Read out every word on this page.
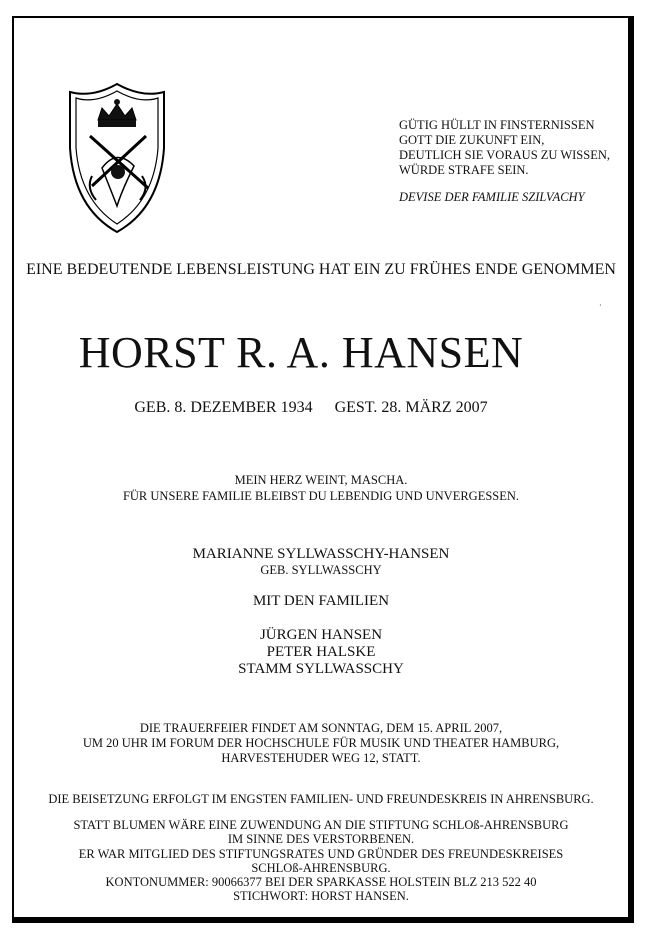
GÜTIG HÜLLT IN FINSTERNISSEN
GOTT DIE ZUKUNFT EIN,
DEUTLICH SIE VORAUS ZU WISSEN,
WÜRDE STRAFE SEIN.
DEVISE DER FAMILIE SZILVACHY
EINE BEDEUTENDE LEBENSLEISTUNG HAT EIN ZU FRÜHES ENDE GENOMMEN
·
HORST R. A. HANSEN
GEB. 8. DEZEMBER 1934 GEST. 28. MÄRZ 2007
MEIN HERZ WEINT, MASCHA.
FÜR UNSERE FAMILIE BLEIBST DU LEBENDIG UND UNVERGESSEN.
MARIANNE SYLLWASSCHY-HANSEN
GEB. SYLLWASSCHY
MIT DEN FAMILIEN
JÜRGEN HANSEN
PETER HALSKE
STAMM SYLLWASSCHY
DIE TRAUERFEIER FINDET AM SONNTAG, DEM 15. APRIL 2007,
UM 20 UHR IM FORUM DER HOCHSCHULE FÜR MUSIK UND THEATER HAMBURG,
HARVESTEHUDER WEG 12, STATT.
DIE BEISETZUNG ERFOLGT IM ENGSTEN FAMILIEN- UND FREUNDESKREIS IN AHRENSBURG.
STATT BLUMEN WÄRE EINE ZUWENDUNG AN DIE STIFTUNG SCHLOß-AHRENSBURG
IM SINNE DES VERSTORBENEN.
ER WAR MITGLIED DES STIFTUNGSRATES UND GRÜNDER DES FREUNDESKREISES
SCHLOß-AHRENSBURG.
KONTONUMMER: 90066377 BEI DER SPARKASSE HOLSTEIN BLZ 213 522 40
STICHWORT: HORST HANSEN.
